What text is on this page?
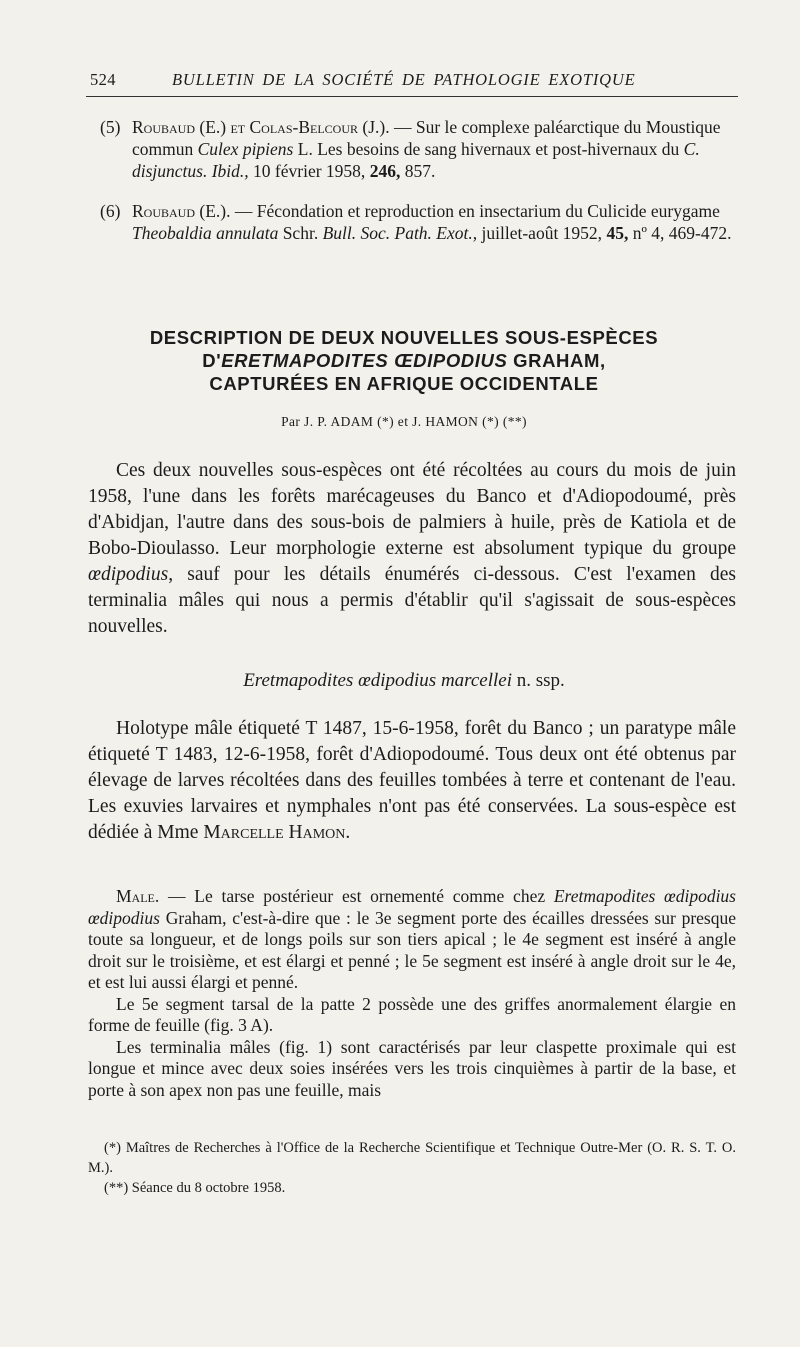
524	BULLETIN DE LA SOCIÉTÉ DE PATHOLOGIE EXOTIQUE

(5) Roubaud (E.) et Colas-Belcour (J.). — Sur le complexe paléarctique du Moustique commun Culex pipiens L. Les besoins de sang hivernaux et post-hivernaux du C. disjunctus. Ibid., 10 février 1958, 246, 857.
(6) Roubaud (E.). — Fécondation et reproduction en insectarium du Culicide eurygame Theobaldia annulata Schr. Bull. Soc. Path. Exot., juillet-août 1952, 45, nº 4, 469-472.
DESCRIPTION DE DEUX NOUVELLES SOUS-ESPÈCES
D'ERETMAPODITES ŒDIPODIUS GRAHAM,
CAPTURÉES EN AFRIQUE OCCIDENTALE
Par J. P. ADAM (*) et J. HAMON (*) (**)

Ces deux nouvelles sous-espèces ont été récoltées au cours du mois de juin 1958, l'une dans les forêts marécageuses du Banco et d'Adiopodoumé, près d'Abidjan, l'autre dans des sous-bois de palmiers à huile, près de Katiola et de Bobo-Dioulasso. Leur morphologie externe est absolument typique du groupe œdipodius, sauf pour les détails énumérés ci-dessous. C'est l'examen des terminalia mâles qui nous a permis d'établir qu'il s'agissait de sous-espèces nouvelles.

Eretmapodites œdipodius marcellei n. ssp.

Holotype mâle étiqueté T 1487, 15-6-1958, forêt du Banco ; un paratype mâle étiqueté T 1483, 12-6-1958, forêt d'Adiopodoumé. Tous deux ont été obtenus par élevage de larves récoltées dans des feuilles tombées à terre et contenant de l'eau. Les exuvies larvaires et nymphales n'ont pas été conservées. La sous-espèce est dédiée à Mme Marcelle Hamon.

Male. — Le tarse postérieur est ornementé comme chez Eretmapodites œdipodius œdipodius Graham, c'est-à-dire que : le 3e segment porte des écailles dressées sur presque toute sa longueur, et de longs poils sur son tiers apical ; le 4e segment est inséré à angle droit sur le troisième, et est élargi et penné ; le 5e segment est inséré à angle droit sur le 4e, et est lui aussi élargi et penné.

Le 5e segment tarsal de la patte 2 possède une des griffes anormalement élargie en forme de feuille (fig. 3 A).

Les terminalia mâles (fig. 1) sont caractérisés par leur claspette proximale qui est longue et mince avec deux soies insérées vers les trois cinquièmes à partir de la base, et porte à son apex non pas une feuille, mais

(*) Maîtres de Recherches à l'Office de la Recherche Scientifique et Technique Outre-Mer (O. R. S. T. O. M.).

(**) Séance du 8 octobre 1958.
